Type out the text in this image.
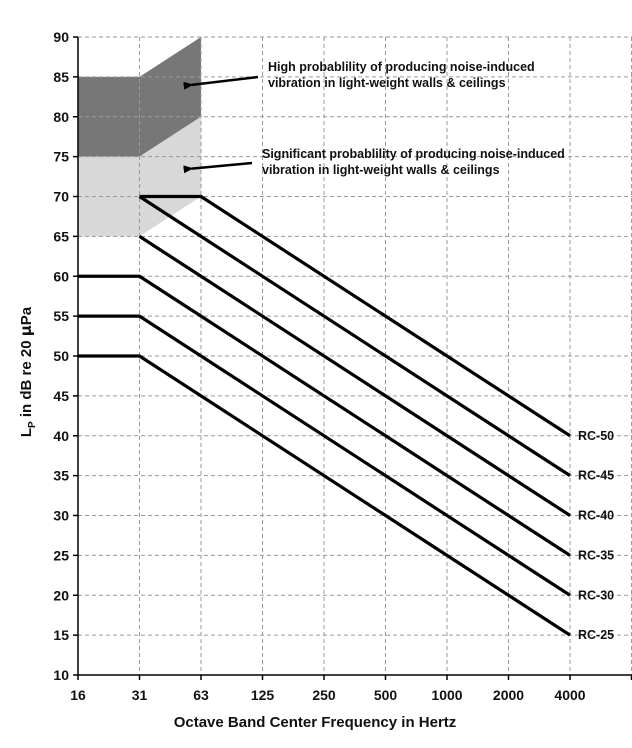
10
15
20
25
30
35
40
45
50
55
60
65
70
75
80
85
90
16	31	63	125	250	500 1000 2000 4000
RC-50
RC-45
RC-40
RC-35
RC-30
RC-25
High probablility of producing noise-induced
vibration in light-weight walls & ceilings
Significant probablility of producing noise-induced
vibration in light-weight walls & ceilings
Octave Band Center Frequency in Hertz
$L_P$ in dB re 20 μPa
